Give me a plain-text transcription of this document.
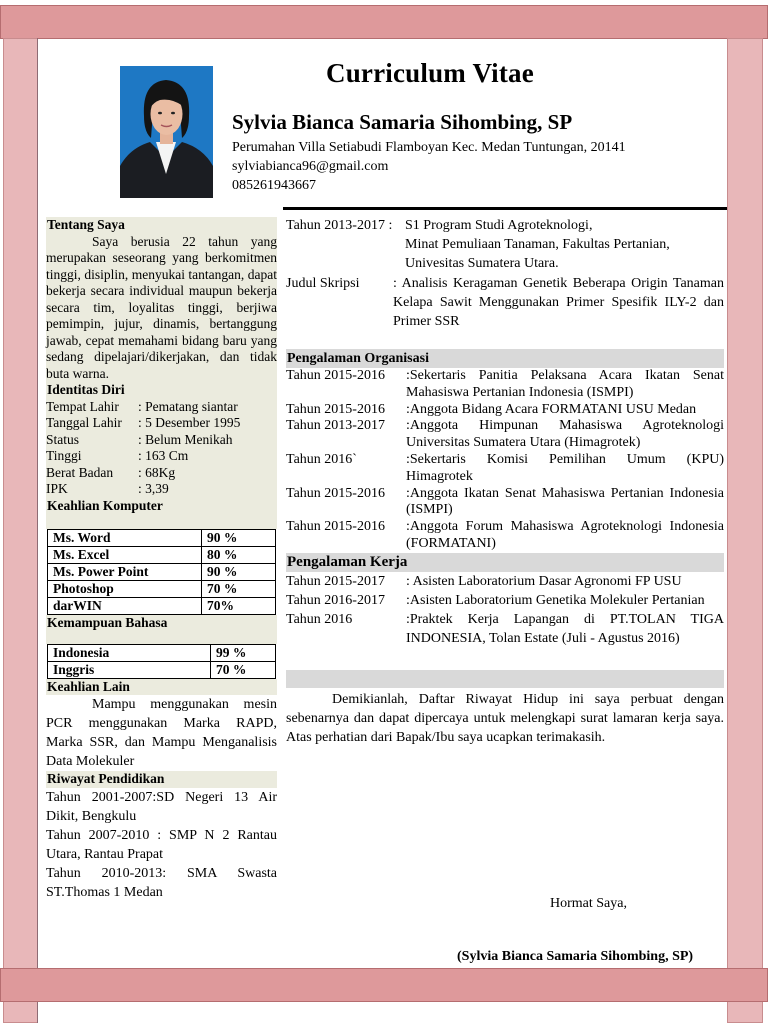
Curriculum Vitae
Sylvia Bianca Samaria Sihombing, SP
Perumahan Villa Setiabudi Flamboyan Kec. Medan Tuntungan, 20141
sylviabianca96@gmail.com
085261943667
Tentang Saya
Saya berusia 22 tahun yang merupakan seseorang yang berkomitmen tinggi, disiplin, menyukai tantangan, dapat bekerja secara individual maupun bekerja secara tim, loyalitas tinggi, berjiwa pemimpin, jujur, dinamis, bertanggung jawab, cepat memahami bidang baru yang sedang dipelajari/dikerjakan, dan tidak buta warna.
Identitas Diri
Tempat Lahir	: Pematang siantar
Tanggal Lahir	: 5 Desember 1995
Status	: Belum Menikah
Tinggi	: 163 Cm
Berat Badan	: 68Kg
IPK	: 3,39
Keahlian Komputer
Ms. Word	90 %
Ms. Excel	80 %
Ms. Power Point	90 %
Photoshop	70 %
darWIN	70%
Kemampuan Bahasa
Indonesia	99 %
Inggris	70 %
Keahlian Lain
Mampu menggunakan mesin PCR menggunakan Marka RAPD, Marka SSR, dan Mampu Menganalisis Data Molekuler
Riwayat Pendidikan
Tahun 2001-2007:SD Negeri 13 Air Dikit, Bengkulu
Tahun 2007-2010 : SMP N 2 Rantau Utara, Rantau Prapat
Tahun 2010-2013: SMA Swasta ST.Thomas 1 Medan
Tahun 2013-2017 : S1 Program Studi Agroteknologi,
Minat Pemuliaan Tanaman, Fakultas Pertanian,
Univesitas Sumatera Utara.
Judul Skripsi	: Analisis Keragaman Genetik Beberapa Origin Tanaman Kelapa Sawit Menggunakan Primer Spesifik ILY-2 dan Primer SSR
Pengalaman Organisasi
Tahun 2015-2016	:Sekertaris Panitia Pelaksana Acara Ikatan Senat Mahasiswa Pertanian Indonesia (ISMPI)
Tahun 2015-2016	:Anggota Bidang Acara FORMATANI USU Medan
Tahun 2013-2017	:Anggota Himpunan Mahasiswa Agroteknologi Universitas Sumatera Utara (Himagrotek)
Tahun 2016`	:Sekertaris Komisi Pemilihan Umum (KPU) Himagrotek
Tahun 2015-2016	:Anggota Ikatan Senat Mahasiswa Pertanian Indonesia (ISMPI)
Tahun 2015-2016	:Anggota Forum Mahasiswa Agroteknologi Indonesia (FORMATANI)
Pengalaman Kerja
Tahun 2015-2017	: Asisten Laboratorium Dasar Agronomi FP USU
Tahun 2016-2017	:Asisten Laboratorium Genetika Molekuler Pertanian
Tahun 2016	:Praktek Kerja Lapangan di PT.TOLAN TIGA INDONESIA, Tolan Estate (Juli - Agustus 2016)
Demikianlah, Daftar Riwayat Hidup ini saya perbuat dengan sebenarnya dan dapat dipercaya untuk melengkapi surat lamaran kerja saya. Atas perhatian dari Bapak/Ibu saya ucapkan terimakasih.
Hormat Saya,
(Sylvia Bianca Samaria Sihombing, SP)
